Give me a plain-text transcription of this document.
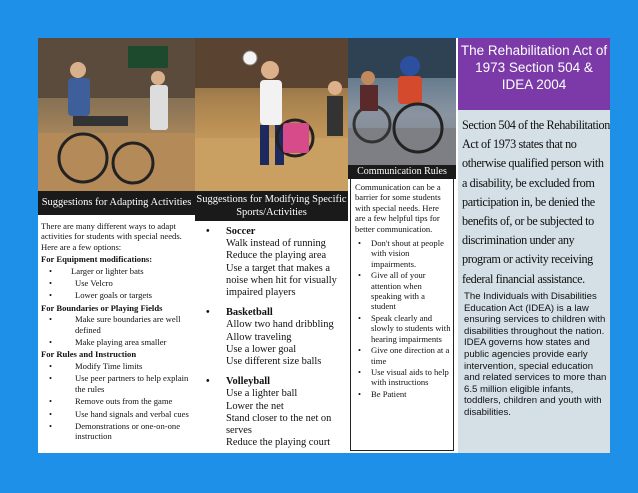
Suggestions for Adapting Activities Suggestions for Modifying Specific Sports/Activities
There are many different ways to adapt activities for students with special needs. Here are a few options:
For Equipment modifications:
• Larger or lighter bats
• Use Velcro
• Lower goals or targets
For Boundaries or Playing Fields
• Make sure boundaries are well defined
• Make playing area smaller
For Rules and Instruction
• Modify Time limits
• Use peer partners to help explain the rules
• Remove outs from the game
• Use hand signals and verbal cues
• Demonstrations or one-on-one instruction
• Soccer
Walk instead of running
Reduce the playing area
Use a target that makes a noise when hit for visually impaired players
• Basketball
Allow two hand dribbling
Allow traveling
Use a lower goal
Use different size balls
• Volleyball
Use a lighter ball
Lower the net
Stand closer to the net on serves
Reduce the playing court
Communication Rules
Communication can be a barrier for some students with special needs. Here are a few helpful tips for better communication.
• Don't shout at people with vision impairments.
• Give all of your attention when speaking with a student
• Speak clearly and slowly to students with hearing impairments
• Give one direction at a time
• Use visual aids to help with instructions
• Be Patient
The Rehabilitation Act of 1973 Section 504 & IDEA 2004
Section 504 of the Rehabilitation Act of 1973 states that no otherwise qualified person with a disability, be excluded from participation in, be denied the benefits of, or be subjected to discrimination under any program or activity receiving federal financial assistance.
The Individuals with Disabilities Education Act (IDEA) is a law ensuring services to children with disabilities throughout the nation. IDEA governs how states and public agencies provide early intervention, special education and related services to more than 6.5 million eligible infants, toddlers, children and youth with disabilities.
